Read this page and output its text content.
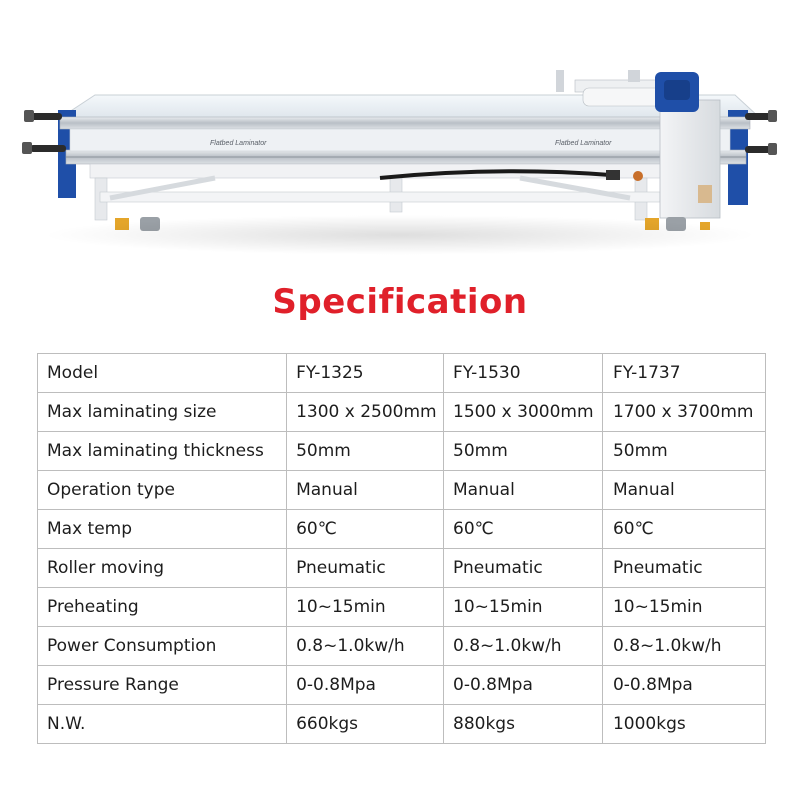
Flatbed Laminator	Flatbed Laminator
Specification
Model	FY-1325	FY-1530	FY-1737
Max laminating size	1300 x 2500mm	1500 x 3000mm	1700 x 3700mm
Max laminating thickness	50mm	50mm	50mm
Operation type	Manual	Manual	Manual
Max temp	60℃	60℃	60℃
Roller moving	Pneumatic	Pneumatic	Pneumatic
Preheating	10~15min	10~15min	10~15min
Power Consumption	0.8~1.0kw/h	0.8~1.0kw/h	0.8~1.0kw/h
Pressure Range	0-0.8Mpa	0-0.8Mpa	0-0.8Mpa
N.W.	660kgs	880kgs	1000kgs
